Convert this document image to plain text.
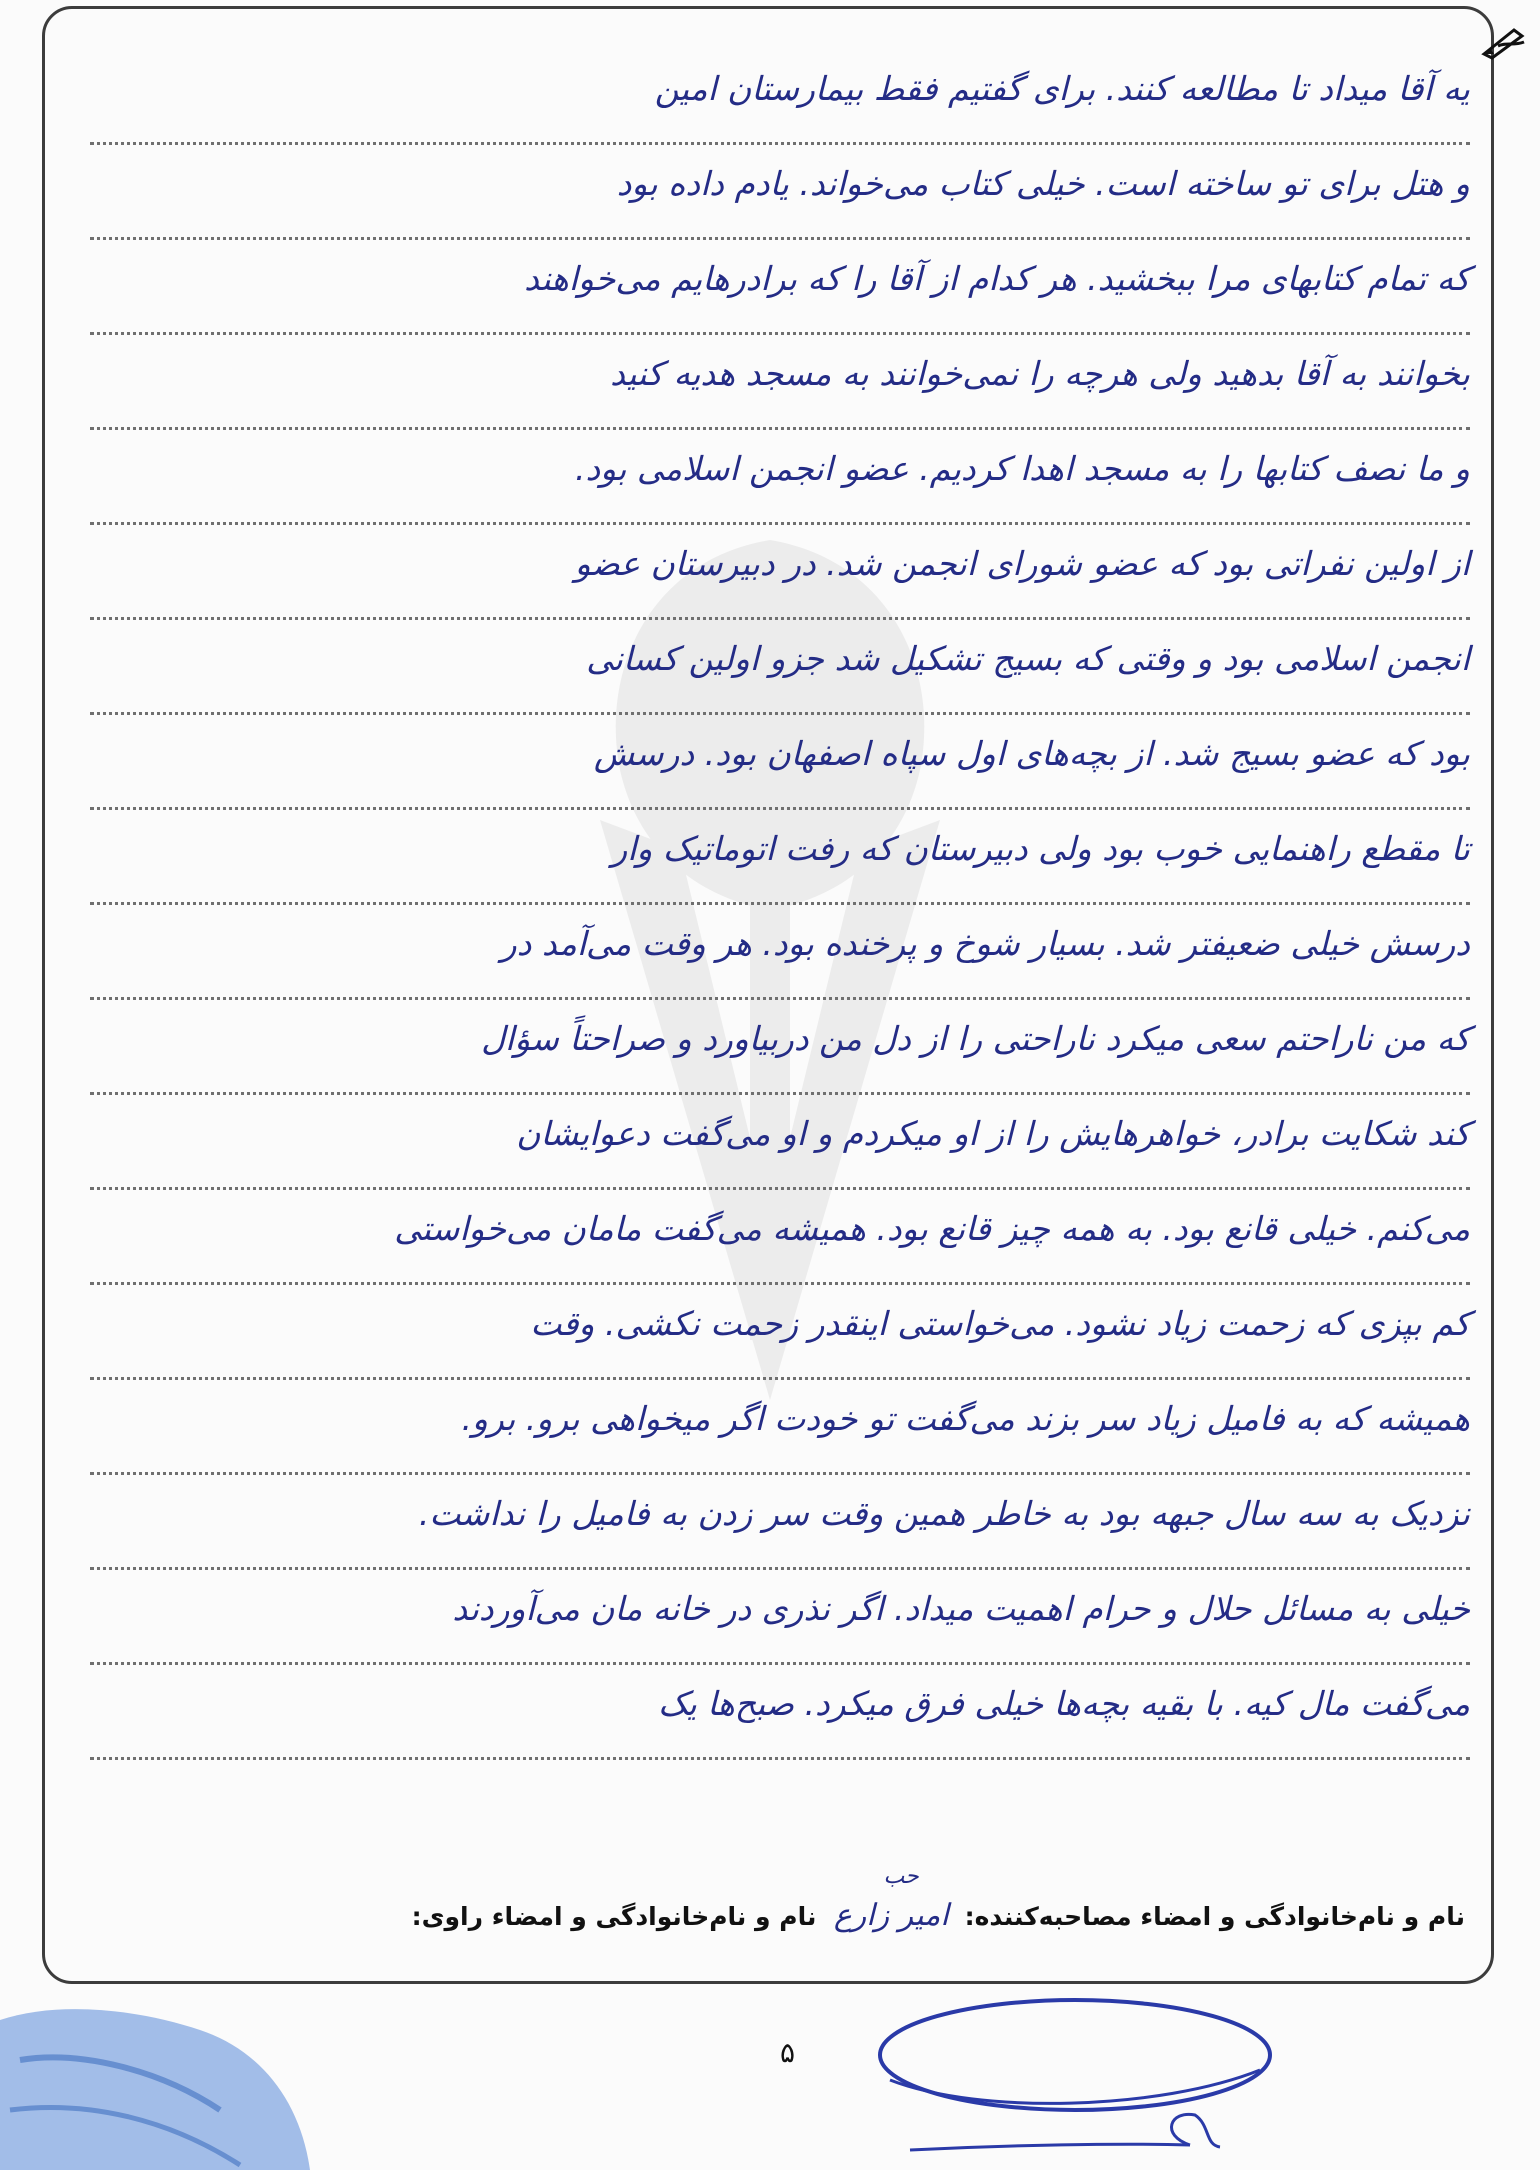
یه آقا میداد تا مطالعه کنند. برای گفتیم فقط بیمارستان امین
و هتل برای تو ساخته است. خیلی کتاب می‌خواند. یادم داده بود
که تمام کتابهای مرا ببخشید. هر کدام از آقا را که برادرهایم می‌خواهند
بخوانند به آقا بدهید ولی هرچه را نمی‌خوانند به مسجد هدیه کنید
و ما نصف کتابها را به مسجد اهدا کردیم. عضو انجمن اسلامی بود.
از اولین نفراتی بود که عضو شورای انجمن شد. در دبیرستان عضو
انجمن اسلامی بود و وقتی که بسیج تشکیل شد جزو اولین کسانی
بود که عضو بسیج شد. از بچه‌های اول سپاه اصفهان بود. درسش
تا مقطع راهنمایی خوب بود ولی دبیرستان که رفت اتوماتیک وار
درسش خیلی ضعیفتر شد. بسیار شوخ و پرخنده بود. هر وقت می‌آمد در
که من ناراحتم سعی میکرد ناراحتی را از دل من دربیاورد و صراحتاً سؤال
کند شکایت برادر، خواهرهایش را از او میکردم و او می‌گفت دعوایشان
می‌کنم. خیلی قانع بود. به همه چیز قانع بود. همیشه می‌گفت مامان می‌خواستی
کم بپزی که زحمت زیاد نشود. می‌خواستی اینقدر زحمت نکشی. وقت
همیشه که به فامیل زیاد سر بزند می‌گفت تو خودت اگر میخواهی برو. برو.
نزدیک به سه سال جبهه بود به خاطر همین وقت سر زدن به فامیل را نداشت.
خیلی به مسائل حلال و حرام اهمیت میداد. اگر نذری در خانه مان می‌آوردند
می‌گفت مال کیه. با بقیه بچه‌ها خیلی فرق میکرد. صبح‌ها یک
نام و نام‌خانوادگی و امضاء مصاحبه‌کننده:
حب
امیر زارع نام و نام‌خانوادگی و امضاء راوی:
۵
